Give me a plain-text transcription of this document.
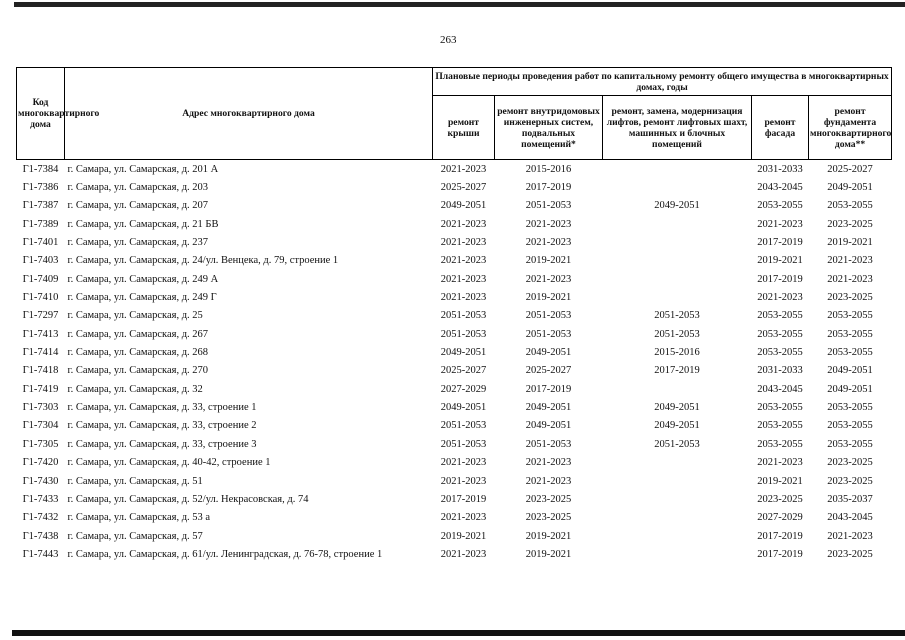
263
Код многоквартирного дома	Адрес многоквартирного дома	Плановые периоды проведения работ по капитальному ремонту общего имущества в многоквартирных домах, годы				
		ремонт крыши	ремонт внутридомовых инженерных систем, подвальных помещений*	ремонт, замена, модернизация лифтов, ремонт лифтовых шахт, машинных и блочных помещений	ремонт фасада	ремонт фундамента многоквартирного дома**
Г1-7384	г. Самара, ул. Самарская, д. 201 А	2021-2023	2015-2016		2031-2033	2025-2027
Г1-7386	г. Самара, ул. Самарская, д. 203	2025-2027	2017-2019		2043-2045	2049-2051
Г1-7387	г. Самара, ул. Самарская, д. 207	2049-2051	2051-2053	2049-2051	2053-2055	2053-2055
Г1-7389	г. Самара, ул. Самарская, д. 21 БВ	2021-2023	2021-2023		2021-2023	2023-2025
Г1-7401	г. Самара, ул. Самарская, д. 237	2021-2023	2021-2023		2017-2019	2019-2021
Г1-7403	г. Самара, ул. Самарская, д. 24/ул. Венцека, д. 79, строение 1	2021-2023	2019-2021		2019-2021	2021-2023
Г1-7409	г. Самара, ул. Самарская, д. 249 А	2021-2023	2021-2023		2017-2019	2021-2023
Г1-7410	г. Самара, ул. Самарская, д. 249 Г	2021-2023	2019-2021		2021-2023	2023-2025
Г1-7297	г. Самара, ул. Самарская, д. 25	2051-2053	2051-2053	2051-2053	2053-2055	2053-2055
Г1-7413	г. Самара, ул. Самарская, д. 267	2051-2053	2051-2053	2051-2053	2053-2055	2053-2055
Г1-7414	г. Самара, ул. Самарская, д. 268	2049-2051	2049-2051	2015-2016	2053-2055	2053-2055
Г1-7418	г. Самара, ул. Самарская, д. 270	2025-2027	2025-2027	2017-2019	2031-2033	2049-2051
Г1-7419	г. Самара, ул. Самарская, д. 32	2027-2029	2017-2019		2043-2045	2049-2051
Г1-7303	г. Самара, ул. Самарская, д. 33, строение 1	2049-2051	2049-2051	2049-2051	2053-2055	2053-2055
Г1-7304	г. Самара, ул. Самарская, д. 33, строение 2	2051-2053	2049-2051	2049-2051	2053-2055	2053-2055
Г1-7305	г. Самара, ул. Самарская, д. 33, строение 3	2051-2053	2051-2053	2051-2053	2053-2055	2053-2055
Г1-7420	г. Самара, ул. Самарская, д. 40-42, строение 1	2021-2023	2021-2023		2021-2023	2023-2025
Г1-7430	г. Самара, ул. Самарская, д. 51	2021-2023	2021-2023		2019-2021	2023-2025
Г1-7433	г. Самара, ул. Самарская, д. 52/ул. Некрасовская, д. 74	2017-2019	2023-2025		2023-2025	2035-2037
Г1-7432	г. Самара, ул. Самарская, д. 53 а	2021-2023	2023-2025		2027-2029	2043-2045
Г1-7438	г. Самара, ул. Самарская, д. 57	2019-2021	2019-2021		2017-2019	2021-2023
Г1-7443	г. Самара, ул. Самарская, д. 61/ул. Ленинградская, д. 76-78, строение 1	2021-2023	2019-2021		2017-2019	2023-2025
